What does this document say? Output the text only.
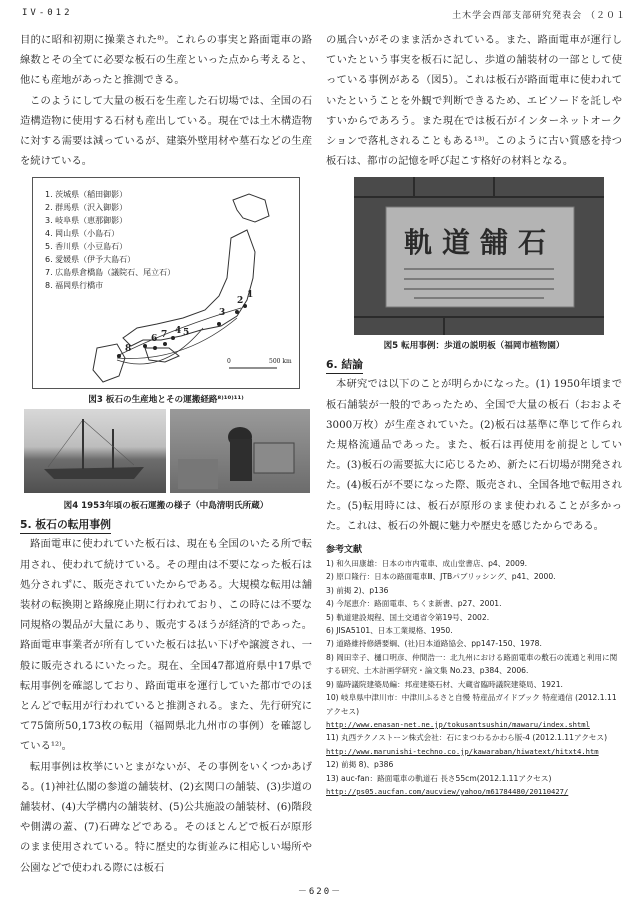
IV-012	土木学会西部支部研究発表会 （２０１

目的に昭和初期に操業された⁸⁾。これらの事実と路面電車の路線数とその全てに必要な板石の生産といった点から考えると、他にも産地があったと推測できる。

このようにして大量の板石を生産した石切場では、全国の石造構造物に使用する石材も産出している。現在では土木構造物に対する需要は減っているが、建築外壁用材や墓石などの生産を続けている。

1. 茨城県（稲田御影）
2. 群馬県（沢入御影）
3. 岐阜県（恵那御影）
4. 岡山県（小島石）
5. 香川県（小豆島石）
6. 愛媛県（伊予大島石）
7. 広島県倉橋島（議院石、尾立石）
8. 福岡県行橋市
1
2
3
4 5
6 7
8
0	500 km

図3 板石の生産地とその運搬経路⁸⁾¹⁰⁾¹¹⁾

図4 1953年頃の板石運搬の様子（中島清明氏所蔵）

5. 板石の転用事例

路面電車に使われていた板石は、現在も全国のいたる所で転用され、使われて続けている。その理由は不要になった板石は処分されずに、販売されていたからである。大規模な転用は舗装材の転換期と路線廃止期に行われており、この時には不要な同規格の製品が大量にあり、販売するほうが経済的であった。路面電車事業者が所有していた板石は払い下げや譲渡され、一般に販売されるにいたった。現在、全国47都道府県中17県で転用事例を確認しており、路面電車を運行していた都市でのほとんどで転用が行われていると推測される。また、先行研究にて75箇所50,173枚の転用（福岡県北九州市の事例）を確認している¹²⁾。

転用事例は枚挙にいとまがないが、その事例をいくつかあげる。(1)神社仏閣の参道の舗装材、(2)玄関口の舗装、(3)歩道の舗装材、(4)大学構内の舗装材、(5)公共施設の舗装材、(6)階段や側溝の蓋、(7)石碑などである。そのほとんどで板石が原形のまま使用されている。特に歴史的な街並みに相応しい場所や公園などで使われる際には板石

の風合いがそのまま活かされている。また、路面電車が運行していたという事実を板石に記し、歩道の舗装材の一部として使っている事例がある（図5）。これは板石が路面電車に使われていたということを外観で判断できるため、エピソードを託しやすいからであろう。また現在では板石がインターネットオークションで落札されることもある¹³⁾。このように古い質感を持つ板石は、都市の記憶を呼び起こす格好の材料となる。

軌道舗石

図5 転用事例：歩道の説明板（福岡市植物園）

6. 結論

本研究では以下のことが明らかになった。(1) 1950年頃まで板石舗装が一般的であったため、全国で大量の板石（おおよそ3000万枚）が生産されていた。(2)板石は基準に準じて作られた規格流通品であった。また、板石は再使用を前提としていた。(3)板石の需要拡大に応じるため、新たに石切場が開発された。(4)板石が不要になった際、販売され、全国各地で転用された。(5)転用時には、板石が原形のまま使われることが多かった。これは、板石の外観に魅力や歴史を感じたからである。

参考文献

1) 和久田康雄：日本の市内電車、成山堂書店、p4、2009.

2) 原口隆行：日本の路面電車Ⅲ、JTBパブリッシング、p41、2000.

3) 前掲 2)、p136

4) 今尾恵介：路面電車、ちくま新書、p27、2001.

5) 軌道建設規程、国土交通省令第19号、2002.

6) JISA5101、日本工業規格、1950.

7) 道路維持修繕要綱、(社)日本道路協会、pp147-150、1978.

8) 岡田幸子、樋口明彦、仲間浩一：北九州における路面電車の敷石の流通と利用に関する研究、土木計画学研究・論文集 No.23、p384、2006.

9) 臨時議院建築局編：邦産建築石材、大蔵省臨時議院建築局、1921.

10) 岐阜県中津川市：中津川ふるさと自慢 特産品ガイドブック 特産通信 (2012.1.11アクセス)

http://www.enasan-net.ne.jp/tokusantsushin/mawaru/index.shtml

11) 丸西テクノストーン株式会社：石にまつわるかわら版-4 (2012.1.11アクセス)

http://www.marunishi-techno.co.jp/kawaraban/hiwatext/hitxt4.htm

12) 前掲 8)、p386

13) auc-fan：路面電車の軌道石 長さ55cm(2012.1.11アクセス)

http://ps05.aucfan.com/aucview/yahoo/m61784480/20110427/

－620－
